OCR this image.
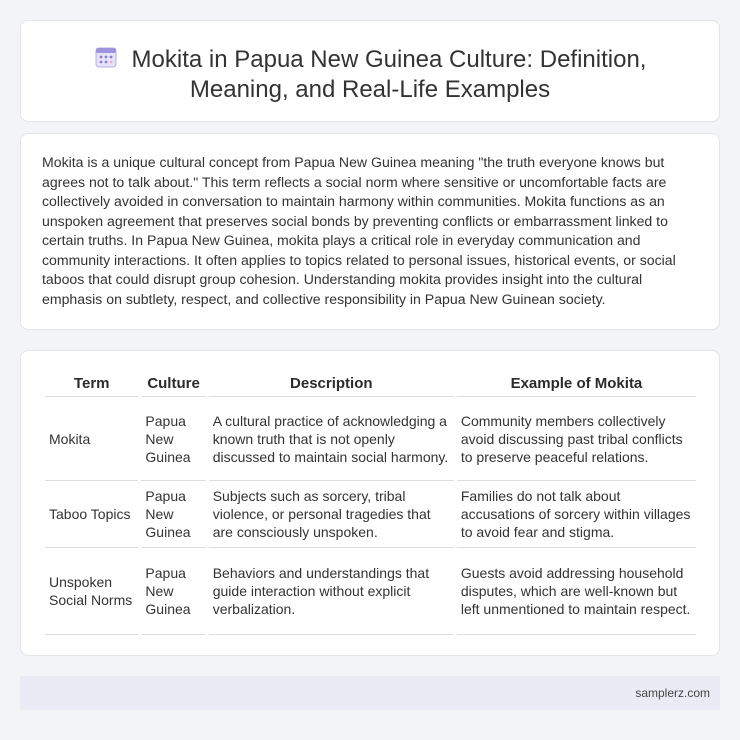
Mokita in Papua New Guinea Culture: Definition, Meaning, and Real-Life Examples

Mokita is a unique cultural concept from Papua New Guinea meaning "the truth everyone knows but agrees not to talk about." This term reflects a social norm where sensitive or uncomfortable facts are collectively avoided in conversation to maintain harmony within communities. Mokita functions as an unspoken agreement that preserves social bonds by preventing conflicts or embarrassment linked to certain truths. In Papua New Guinea, mokita plays a critical role in everyday communication and community interactions. It often applies to topics related to personal issues, historical events, or social taboos that could disrupt group cohesion. Understanding mokita provides insight into the cultural emphasis on subtlety, respect, and collective responsibility in Papua New Guinean society.

Term	Culture	Description	Example of Mokita
Mokita	Papua New Guinea	A cultural practice of acknowledging a known truth that is not openly discussed to maintain social harmony.	Community members collectively avoid discussing past tribal conflicts to preserve peaceful relations.
Taboo Topics	Papua New Guinea	Subjects such as sorcery, tribal violence, or personal tragedies that are consciously unspoken.	Families do not talk about accusations of sorcery within villages to avoid fear and stigma.
Unspoken Social Norms	Papua New Guinea	Behaviors and understandings that guide interaction without explicit verbalization.	Guests avoid addressing household disputes, which are well-known but left unmentioned to maintain respect.
samplerz.com
